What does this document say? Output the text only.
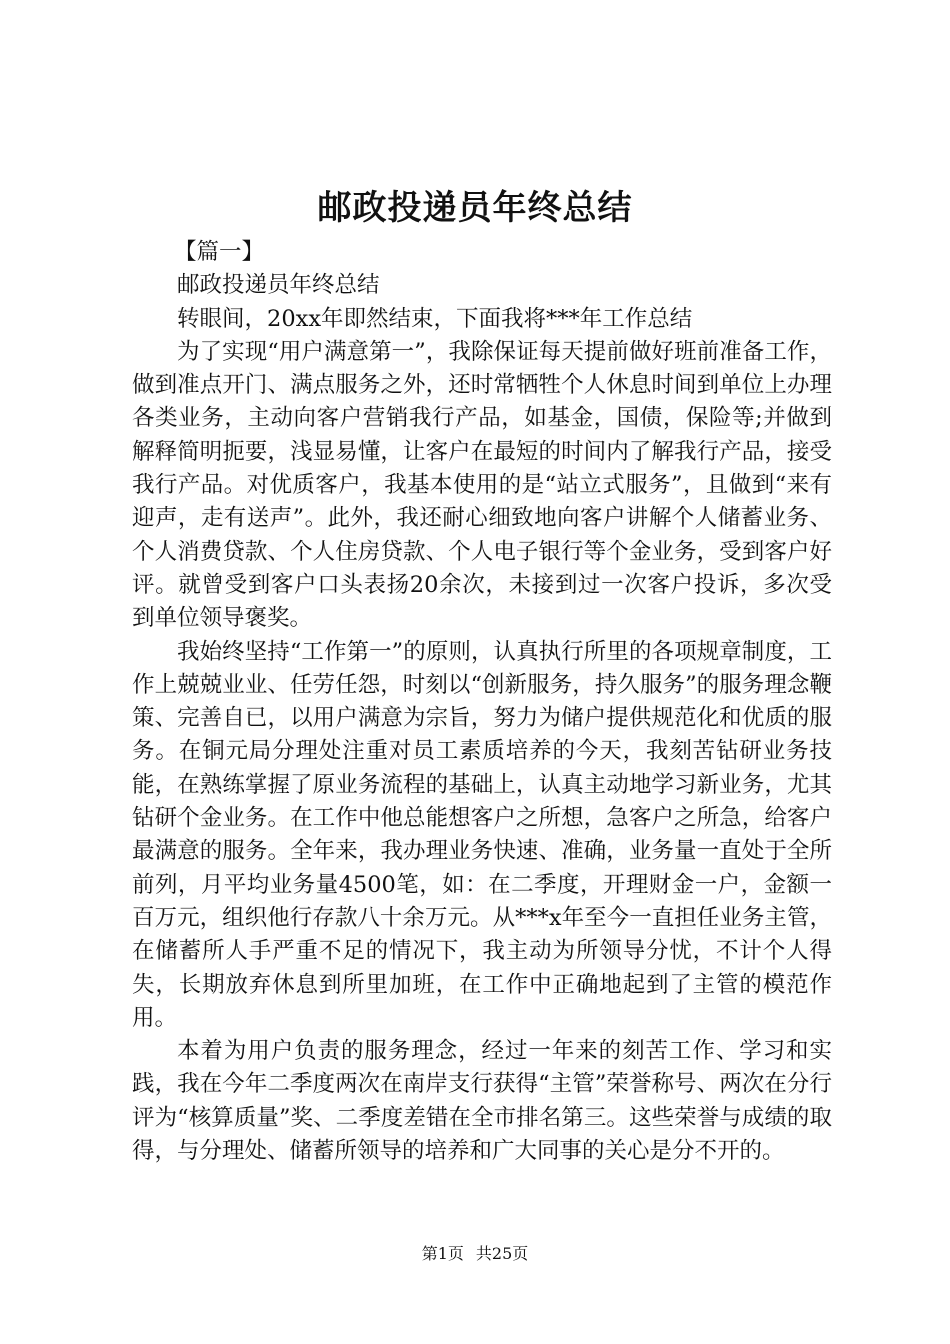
邮政投递员年终总结

【篇一】

邮政投递员年终总结

转眼间，20xx年即然结束，下面我将***年工作总结

为了实现“用户满意第一”，我除保证每天提前做好班前准备工作，做到准点开门、满点服务之外，还时常牺牲个人休息时间到单位上办理各类业务，主动向客户营销我行产品，如基金，国债，保险等;并做到解释简明扼要，浅显易懂，让客户在最短的时间内了解我行产品，接受我行产品。对优质客户，我基本使用的是“站立式服务”，且做到“来有迎声，走有送声”。此外，我还耐心细致地向客户讲解个人储蓄业务、个人消费贷款、个人住房贷款、个人电子银行等个金业务，受到客户好评。就曾受到客户口头表扬20余次，未接到过一次客户投诉，多次受到单位领导褒奖。

我始终坚持“工作第一”的原则，认真执行所里的各项规章制度，工作上兢兢业业、任劳任怨，时刻以“创新服务，持久服务”的服务理念鞭策、完善自已，以用户满意为宗旨，努力为储户提供规范化和优质的服务。在铜元局分理处注重对员工素质培养的今天，我刻苦钻研业务技能，在熟练掌握了原业务流程的基础上，认真主动地学习新业务，尤其钻研个金业务。在工作中他总能想客户之所想，急客户之所急，给客户最满意的服务。全年来，我办理业务快速、准确，业务量一直处于全所前列，月平均业务量4500笔，如：在二季度，开理财金一户，金额一百万元，组织他行存款八十余万元。从***x年至今一直担任业务主管，在储蓄所人手严重不足的情况下，我主动为所领导分忧，不计个人得失，长期放弃休息到所里加班，在工作中正确地起到了主管的模范作用。

本着为用户负责的服务理念，经过一年来的刻苦工作、学习和实践，我在今年二季度两次在南岸支行获得“主管”荣誉称号、两次在分行评为“核算质量”奖、二季度差错在全市排名第三。这些荣誉与成绩的取得，与分理处、储蓄所领导的培养和广大同事的关心是分不开的。

第1页 共25页
